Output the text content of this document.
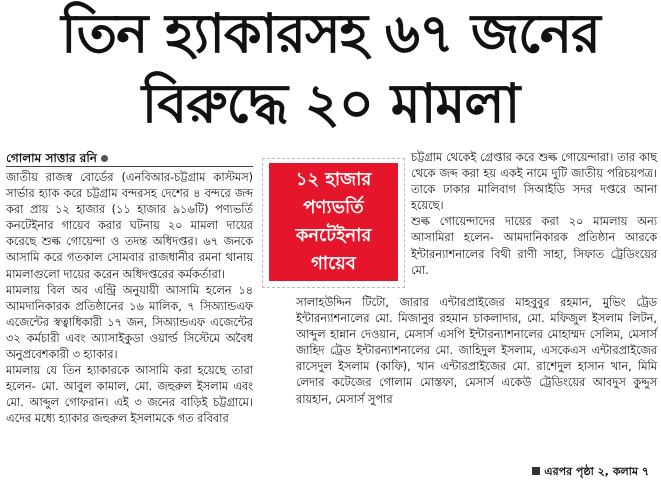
তিন হ্যাকারসহ ৬৭ জনের
বিরুদ্ধে ২০ মামলা
গোলাম সাত্তার রনি

জাতীয় রাজস্ব বোর্ডের (এনবিআর-চট্টগ্রাম কাস্টমস) সার্ভার হ্যাক করে চট্টগ্রাম বন্দরসহ দেশের ৪ বন্দরে জব্দ করা প্রায় ১২ হাজার (১১ হাজার ৯১৬টি) পণ্যভর্তি কনটেইনার গায়েব করার ঘটনায় ২০ মামলা দায়ের করেছে শুল্ক গোয়েন্দা ও তদন্ত অধিদপ্তর। ৬৭ জনকে আসামি করে গতকাল সোমবার রাজধানীর রমনা থানায় মামলাগুলো দায়ের করেন অধিদপ্তরের কর্মকর্তারা।

মামলায় বিল অব এন্ট্রি অনুযায়ী আসামি হলেন ১৪ আমদানিকারক প্রতিষ্ঠানের ১৬ মালিক, ৭ সিঅ্যান্ডএফ এজেন্টের স্বত্বাধিকারী ১৭ জন, সিঅ্যান্ডএফ এজেন্টের ৩২ কর্মচারী এবং অ্যাসাইকুডা ওয়ার্ল্ড সিস্টেমে অবৈধ অনুপ্রবেশকারী ৩ হ্যাকার।

মামলায় যে তিন হ্যাকারকে আসামি করা হয়েছে তারা হলেন- মো. আবুল কামাল, মো. জহুরুল ইসলাম এবং মো. আব্দুল গোফরান। এই ৩ জনের বাড়িই চট্টগ্রামে। এদের মধ্যে হ্যাকার জহুরুল ইসলামকে গত রবিবার

১২ হাজার
পণ্যভর্তি
কনটেইনার
গায়েব

চট্টগ্রাম থেকেই গ্রেপ্তার করে শুল্ক গোয়েন্দারা। তার কাছ থেকে জব্দ করা হয় একই নামে দুটি জাতীয় পরিচয়পত্র। তাকে ঢাকার মালিবাগ সিআইডি সদর দপ্তরে আনা হয়েছে।

শুল্ক গোয়েন্দাদের দায়ের করা ২০ মামলায় অন্য আসামিরা হলেন- আমদানিকারক প্রতিষ্ঠান আরকে ইন্টারন্যাশনালের বিথী রাণী সাহা, সিফাত ট্রেডিংয়ের মো.

সালাহউদ্দিন টিটো, জারার এন্টারপ্রাইজের মাহবুবুর রহমান, মুভিং ট্রেড ইন্টারন্যাশনালের মো. মিজানুর রহমান চাকলাদার, মো. মফিজুল ইসলাম লিটন, আব্দুল হান্নান দেওয়ান, মেসার্স এসপি ইন্টারন্যাশনালের মোহাম্মদ সেলিম, মেসার্স জাহিদ ট্রেড ইন্টারন্যাশনালের মো. জাহিদুল ইসলাম, এসকেএস এন্টারপ্রাইজের রাসেদুল ইসলাম (কাফি), খান এন্টারপ্রাইজের মো. রাশেদুল হাসান খান, মিমি লেদার কটেজের গোলাম মোস্তফা, মেসার্স একেউ ট্রেডিংয়ের আবদুস কুদ্দুস রায়হান, মেসার্স সুপার

এরপর পৃষ্ঠা ২, কলাম ৭
